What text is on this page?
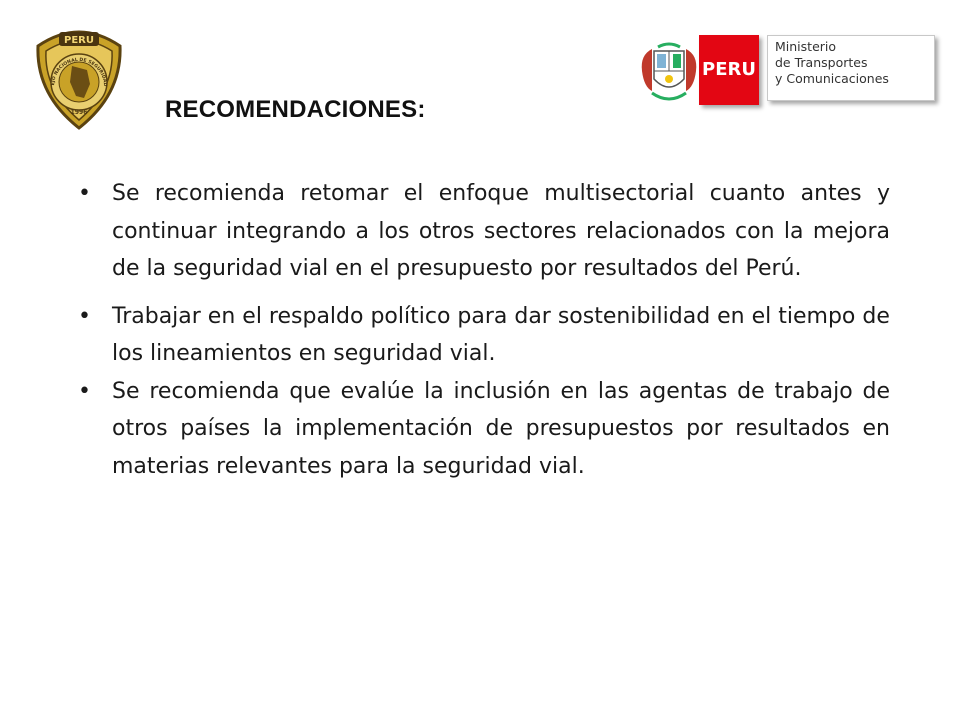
PERU
1996
EJO NACIONAL DE SEGURIDAD
RECOMENDACIONES:
PERU
Ministerio
de Transportes
y Comunicaciones
• Se recomienda retomar el enfoque multisectorial cuanto antes y continuar integrando a los otros sectores relacionados con la mejora de la seguridad vial en el presupuesto por resultados del Perú.
• Trabajar en el respaldo político para dar sostenibilidad en el tiempo de los lineamientos en seguridad vial.
• Se recomienda que evalúe la inclusión en las agentas de trabajo de otros países la implementación de presupuestos por resultados en materias relevantes para la seguridad vial.
